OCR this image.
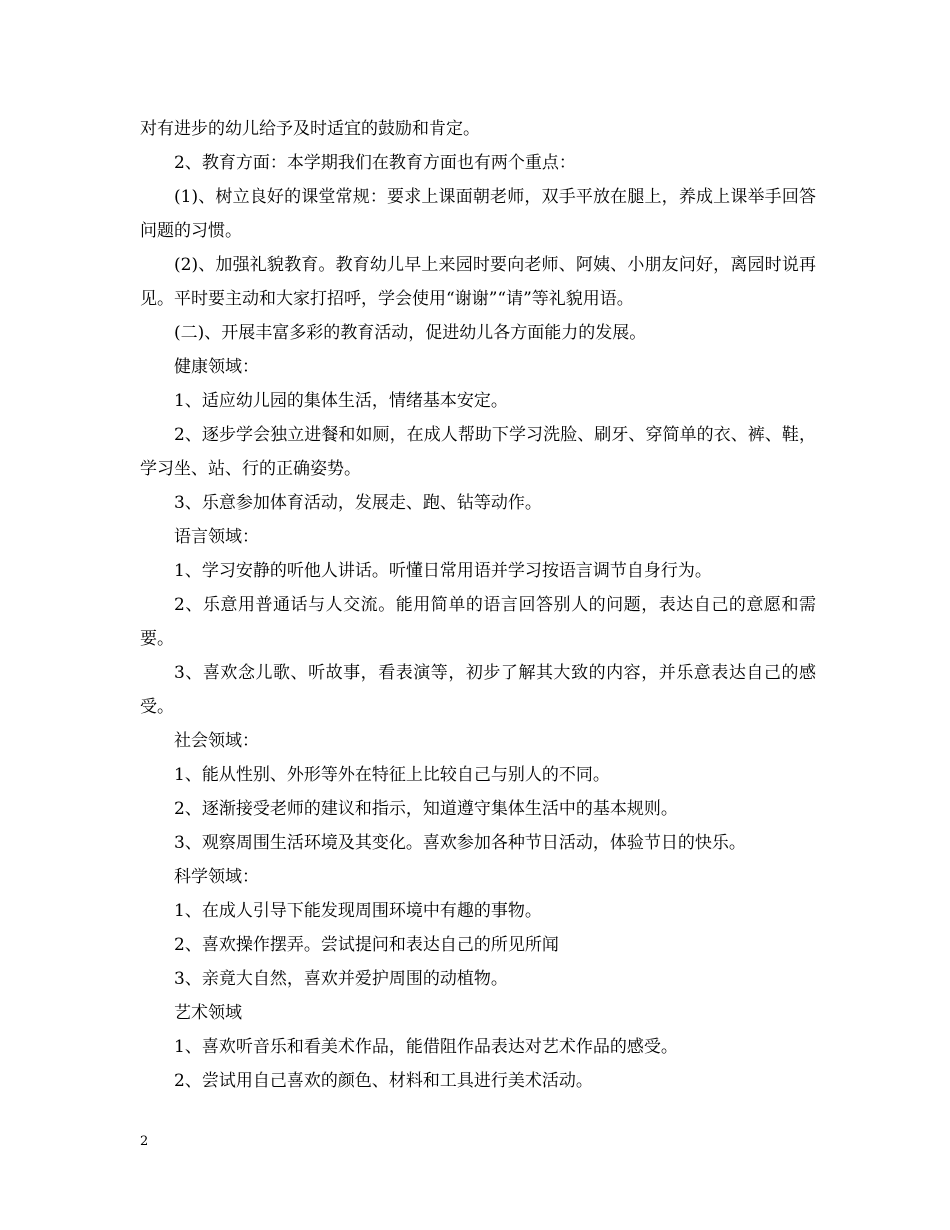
对有进步的幼儿给予及时适宜的鼓励和肯定。

2、教育方面：本学期我们在教育方面也有两个重点：

(1)、树立良好的课堂常规：要求上课面朝老师，双手平放在腿上，养成上课举手回答问题的习惯。

(2)、加强礼貌教育。教育幼儿早上来园时要向老师、阿姨、小朋友问好，离园时说再见。平时要主动和大家打招呼，学会使用“谢谢”“请”等礼貌用语。

(二)、开展丰富多彩的教育活动，促进幼儿各方面能力的发展。

健康领域：

1、适应幼儿园的集体生活，情绪基本安定。

2、逐步学会独立进餐和如厕，在成人帮助下学习洗脸、刷牙、穿简单的衣、裤、鞋，学习坐、站、行的正确姿势。

3、乐意参加体育活动，发展走、跑、钻等动作。

语言领域：

1、学习安静的听他人讲话。听懂日常用语并学习按语言调节自身行为。

2、乐意用普通话与人交流。能用简单的语言回答别人的问题，表达自己的意愿和需要。

3、喜欢念儿歌、听故事，看表演等，初步了解其大致的内容，并乐意表达自己的感受。

社会领域：

1、能从性别、外形等外在特征上比较自己与别人的不同。

2、逐渐接受老师的建议和指示，知道遵守集体生活中的基本规则。

3、观察周围生活环境及其变化。喜欢参加各种节日活动，体验节日的快乐。

科学领域：

1、在成人引导下能发现周围环境中有趣的事物。

2、喜欢操作摆弄。尝试提问和表达自己的所见所闻

3、亲竟大自然，喜欢并爱护周围的动植物。

艺术领域

1、喜欢听音乐和看美术作品，能借阻作品表达对艺术作品的感受。

2、尝试用自己喜欢的颜色、材料和工具进行美术活动。

2
